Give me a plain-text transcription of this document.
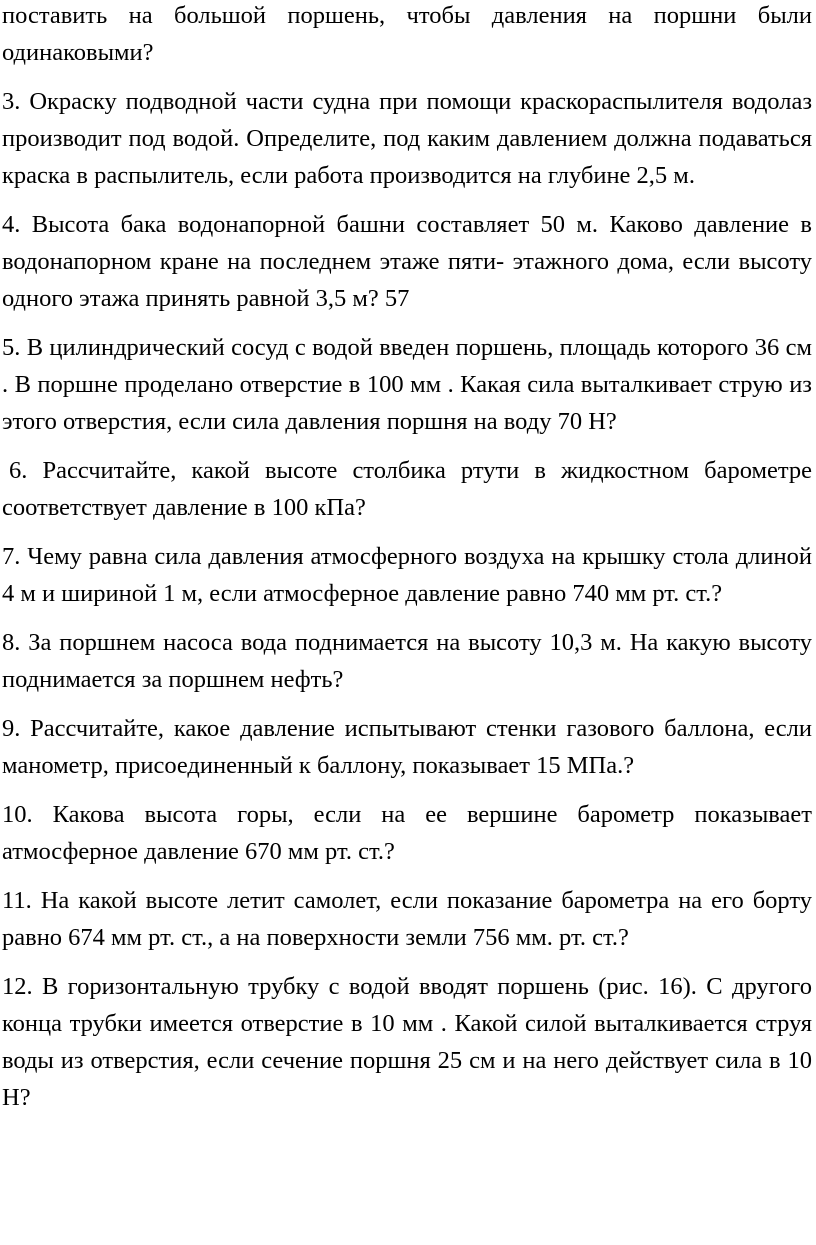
поставить на большой поршень, чтобы давления на поршни были одинаковыми?

3. Окраску подводной части судна при помощи краскораспылителя водолаз производит под водой. Определите, под каким давлением должна подаваться краска в распылитель, если работа производится на глубине 2,5 м.

4. Высота бака водонапорной башни составляет 50 м. Каково давление в водонапорном кране на последнем этаже пяти- этажного дома, если высоту одного этажа принять равной 3,5 м? 57

5. В цилиндрический сосуд с водой введен поршень, площадь которого 36 см . В поршне проделано отверстие в 100 мм . Какая сила выталкивает струю из этого отверстия, если сила давления поршня на воду 70 Н?

6. Рассчитайте, какой высоте столбика ртути в жидкостном барометре соответствует давление в 100 кПа?

7. Чему равна сила давления атмосферного воздуха на крышку стола длиной 4 м и шириной 1 м, если атмосферное давление равно 740 мм рт. ст.?

8. За поршнем насоса вода поднимается на высоту 10,3 м. На какую высоту поднимается за поршнем нефть?

9. Рассчитайте, какое давление испытывают стенки газового баллона, если манометр, присоединенный к баллону, показывает 15 МПа.?

10. Какова высота горы, если на ее вершине барометр показывает атмосферное давление 670 мм рт. ст.?

11. На какой высоте летит самолет, если показание барометра на его борту равно 674 мм рт. ст., а на поверхности земли 756 мм. рт. ст.?

12. В горизонтальную трубку с водой вводят поршень (рис. 16). С другого конца трубки имеется отверстие в 10 мм . Какой силой выталкивается струя воды из отверстия, если сечение поршня 25 см и на него действует сила в 10 Н?
